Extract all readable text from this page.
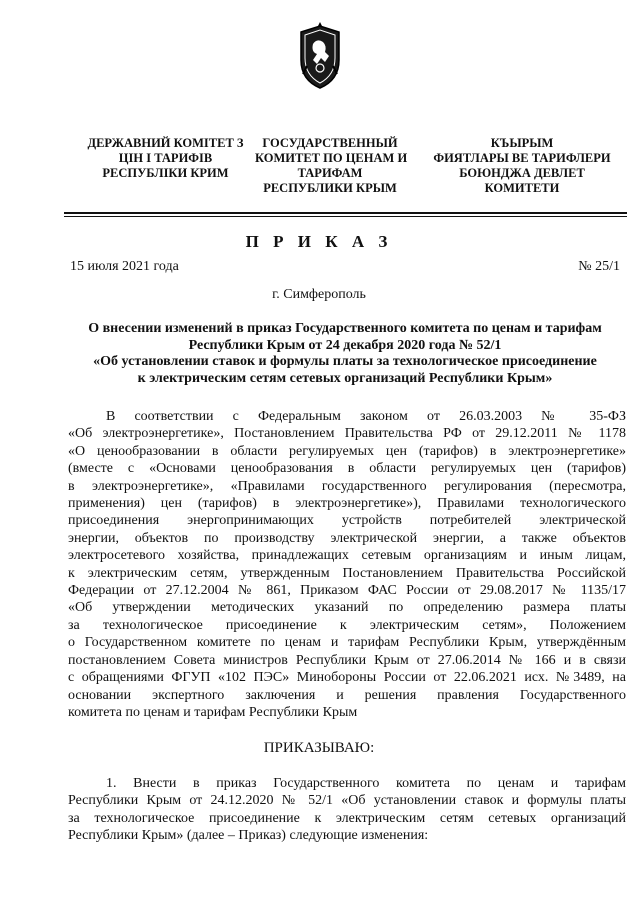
ДЕРЖАВНИЙ КОМІТЕТ З
ЦІН І ТАРИФІВ
РЕСПУБЛІКИ КРИМ
ГОСУДАРСТВЕННЫЙ
КОМИТЕТ ПО ЦЕНАМ И
ТАРИФАМ
РЕСПУБЛИКИ КРЫМ
КЪЫРЫМ
ФИЯТЛАРЫ ВЕ ТАРИФЛЕРИ
БОЮНДЖА ДЕВЛЕТ
КОМИТЕТИ
П Р И К А З
15 июля 2021 года	№ 25/1
г. Симферополь
О внесении изменений в приказ Государственного комитета по ценам и тарифам
Республики Крым от 24 декабря 2020 года № 52/1
«Об установлении ставок и формулы платы за технологическое присоединение
к электрическим сетям сетевых организаций Республики Крым»
В соответствии с Федеральным законом от 26.03.2003 № 35-ФЗ
«Об электроэнергетике», Постановлением Правительства РФ от 29.12.2011 № 1178
«О ценообразовании в области регулируемых цен (тарифов) в электроэнергетике»
(вместе с «Основами ценообразования в области регулируемых цен (тарифов)
в электроэнергетике», «Правилами государственного регулирования (пересмотра,
применения) цен (тарифов) в электроэнергетике»), Правилами технологического
присоединения энергопринимающих устройств потребителей электрической
энергии, объектов по производству электрической энергии, а также объектов
электросетевого хозяйства, принадлежащих сетевым организациям и иным лицам,
к электрическим сетям, утвержденным Постановлением Правительства Российской
Федерации от 27.12.2004 № 861, Приказом ФАС России от 29.08.2017 № 1135/17
«Об утверждении методических указаний по определению размера платы
за технологическое присоединение к электрическим сетям», Положением
о Государственном комитете по ценам и тарифам Республики Крым, утверждённым
постановлением Совета министров Республики Крым от 27.06.2014 № 166 и в связи
с обращениями ФГУП «102 ПЭС» Минобороны России от 22.06.2021 исх. №3489, на
основании экспертного заключения и решения правления Государственного
комитета по ценам и тарифам Республики Крым
ПРИКАЗЫВАЮ:
1. Внести в приказ Государственного комитета по ценам и тарифам
Республики Крым от 24.12.2020 № 52/1 «Об установлении ставок и формулы платы
за технологическое присоединение к электрическим сетям сетевых организаций
Республики Крым» (далее – Приказ) следующие изменения:
